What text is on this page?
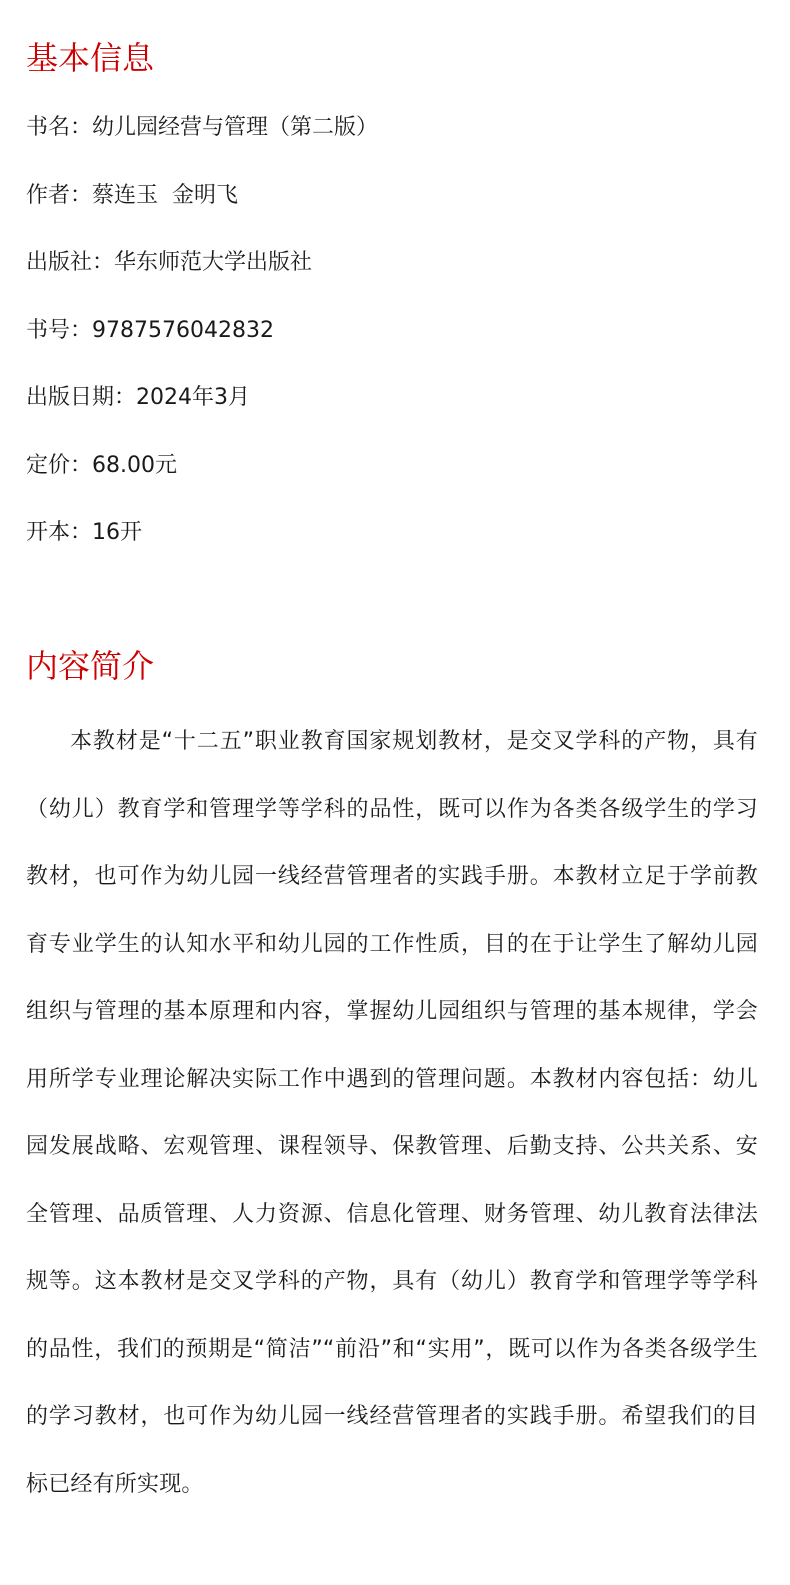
基本信息
书名：幼儿园经营与管理（第二版）
作者：蔡连玉  金明飞
出版社：华东师范大学出版社
书号：9787576042832
出版日期：2024年3月
定价：68.00元
开本：16开
内容简介

本教材是“十二五”职业教育国家规划教材，是交叉学科的产物，具有（幼儿）教育学和管理学等学科的品性，既可以作为各类各级学生的学习教材，也可作为幼儿园一线经营管理者的实践手册。本教材立足于学前教育专业学生的认知水平和幼儿园的工作性质，目的在于让学生了解幼儿园组织与管理的基本原理和内容，掌握幼儿园组织与管理的基本规律，学会用所学专业理论解决实际工作中遇到的管理问题。本教材内容包括：幼儿园发展战略、宏观管理、课程领导、保教管理、后勤支持、公共关系、安全管理、品质管理、人力资源、信息化管理、财务管理、幼儿教育法律法规等。这本教材是交叉学科的产物，具有（幼儿）教育学和管理学等学科的品性，我们的预期是“简洁”“前沿”和“实用”，既可以作为各类各级学生的学习教材，也可作为幼儿园一线经营管理者的实践手册。希望我们的目标已经有所实现。
